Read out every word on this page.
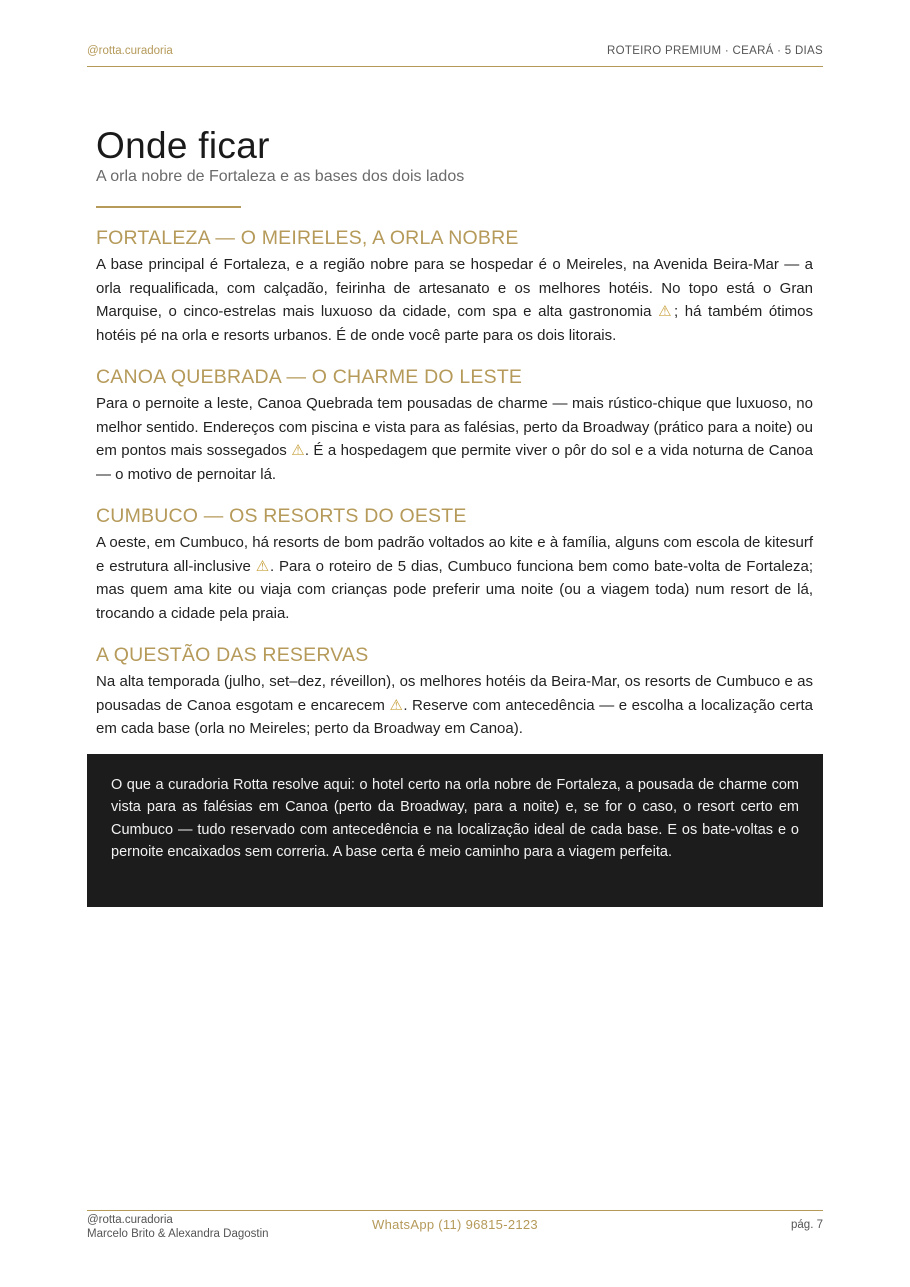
@rotta.curadoria	ROTEIRO PREMIUM · CEARÁ · 5 DIAS
Onde ficar
A orla nobre de Fortaleza e as bases dos dois lados
FORTALEZA — O MEIRELES, A ORLA NOBRE

A base principal é Fortaleza, e a região nobre para se hospedar é o Meireles, na Avenida Beira-Mar — a orla requalificada, com calçadão, feirinha de artesanato e os melhores hotéis. No topo está o Gran Marquise, o cinco-estrelas mais luxuoso da cidade, com spa e alta gastronomia ⚠; há também ótimos hotéis pé na orla e resorts urbanos. É de onde você parte para os dois litorais.

CANOA QUEBRADA — O CHARME DO LESTE

Para o pernoite a leste, Canoa Quebrada tem pousadas de charme — mais rústico-chique que luxuoso, no melhor sentido. Endereços com piscina e vista para as falésias, perto da Broadway (prático para a noite) ou em pontos mais sossegados ⚠. É a hospedagem que permite viver o pôr do sol e a vida noturna de Canoa — o motivo de pernoitar lá.

CUMBUCO — OS RESORTS DO OESTE

A oeste, em Cumbuco, há resorts de bom padrão voltados ao kite e à família, alguns com escola de kitesurf e estrutura all-inclusive ⚠. Para o roteiro de 5 dias, Cumbuco funciona bem como bate-volta de Fortaleza; mas quem ama kite ou viaja com crianças pode preferir uma noite (ou a viagem toda) num resort de lá, trocando a cidade pela praia.

A QUESTÃO DAS RESERVAS

Na alta temporada (julho, set–dez, réveillon), os melhores hotéis da Beira-Mar, os resorts de Cumbuco e as pousadas de Canoa esgotam e encarecem ⚠. Reserve com antecedência — e escolha a localização certa em cada base (orla no Meireles; perto da Broadway em Canoa).

O que a curadoria Rotta resolve aqui: o hotel certo na orla nobre de Fortaleza, a pousada de charme com vista para as falésias em Canoa (perto da Broadway, para a noite) e, se for o caso, o resort certo em Cumbuco — tudo reservado com antecedência e na localização ideal de cada base. E os bate-voltas e o pernoite encaixados sem correria. A base certa é meio caminho para a viagem perfeita.

@rotta.curadoria
Marcelo Brito & Alexandra Dagostin
WhatsApp (11) 96815-2123	pág. 7
